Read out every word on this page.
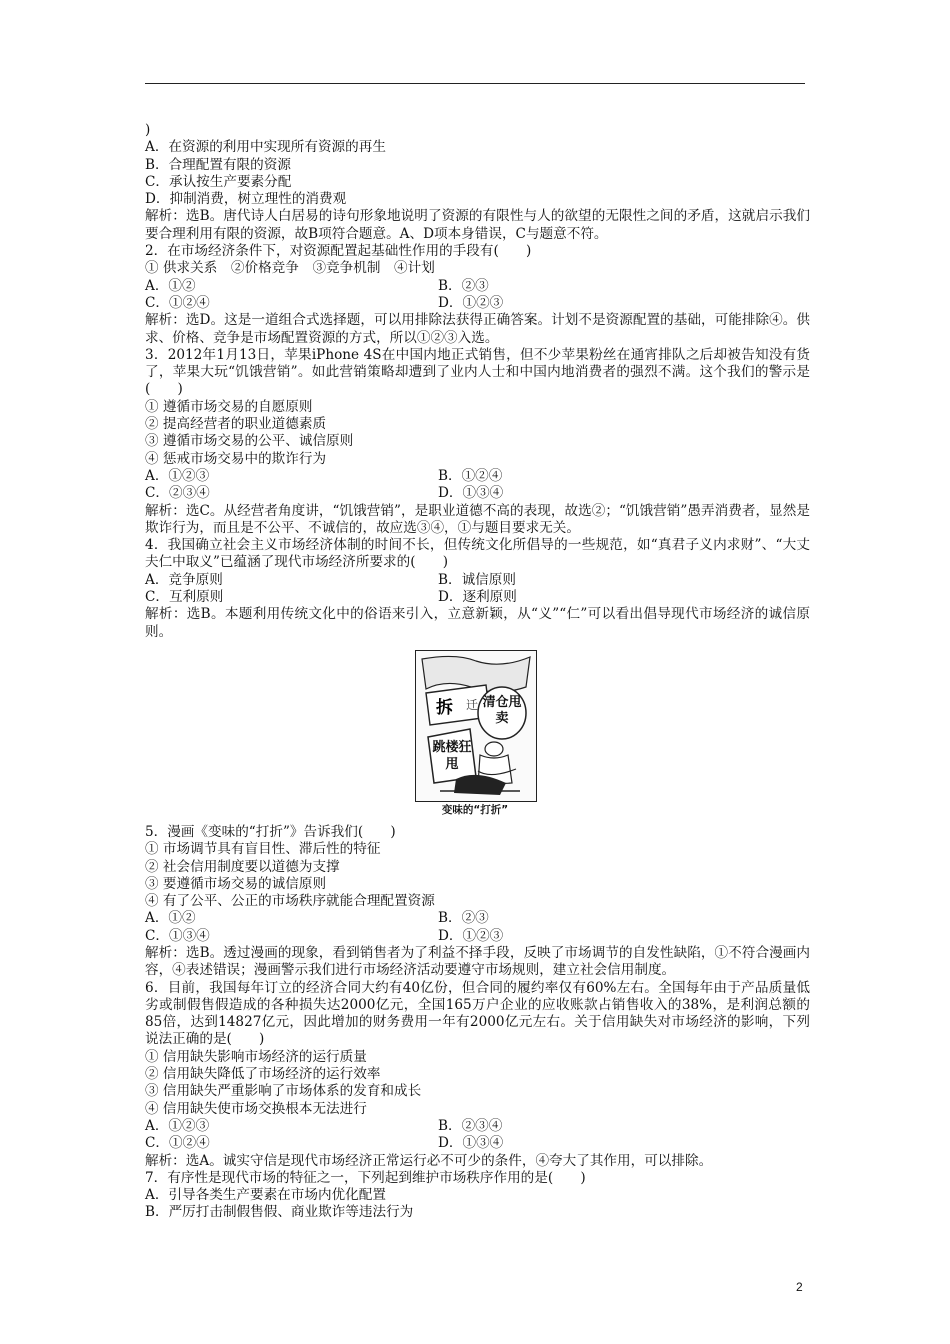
)
A．在资源的利用中实现所有资源的再生
B．合理配置有限的资源
C．承认按生产要素分配
D．抑制消费，树立理性的消费观
解析：选B。唐代诗人白居易的诗句形象地说明了资源的有限性与人的欲望的无限性之间的矛盾，这就启示我们要合理利用有限的资源，故B项符合题意。A、D项本身错误，C与题意不符。
2．在市场经济条件下，对资源配置起基础性作用的手段有(　　)
① 供求关系　②价格竞争　③竞争机制　④计划
A．①②	B．②③
C．①②④	D．①②③
解析：选D。这是一道组合式选择题，可以用排除法获得正确答案。计划不是资源配置的基础，可能排除④。供求、价格、竞争是市场配置资源的方式，所以①②③入选。
3．2012年1月13日，苹果iPhone 4S在中国内地正式销售，但不少苹果粉丝在通宵排队之后却被告知没有货了，苹果大玩“饥饿营销”。如此营销策略却遭到了业内人士和中国内地消费者的强烈不满。这个我们的警示是(　　)
① 遵循市场交易的自愿原则
② 提高经营者的职业道德素质
③ 遵循市场交易的公平、诚信原则
④ 惩戒市场交易中的欺诈行为
A．①②③	B．①②④
C．②③④	D．①③④
解析：选C。从经营者角度讲，“饥饿营销”，是职业道德不高的表现，故选②；“饥饿营销”愚弄消费者，显然是欺诈行为，而且是不公平、不诚信的，故应选③④，①与题目要求无关。
4．我国确立社会主义市场经济体制的时间不长，但传统文化所倡导的一些规范，如“真君子义内求财”、“大丈夫仁中取义”已蕴涵了现代市场经济所要求的(　　)
A．竞争原则	B．诚信原则
C．互利原则	D．逐利原则
解析：选B。本题利用传统文化中的俗语来引入，立意新颖，从“义”“仁”可以看出倡导现代市场经济的诚信原则。
拆 迁 清仓甩卖
跳楼狂甩
变味的“打折”
5．漫画《变味的“打折”》告诉我们(　　)
① 市场调节具有盲目性、滞后性的特征
② 社会信用制度要以道德为支撑
③ 要遵循市场交易的诚信原则
④ 有了公平、公正的市场秩序就能合理配置资源
A．①②	B．②③
C．①③④	D．①②③
解析：选B。透过漫画的现象，看到销售者为了利益不择手段，反映了市场调节的自发性缺陷，①不符合漫画内容，④表述错误；漫画警示我们进行市场经济活动要遵守市场规则，建立社会信用制度。
6．目前，我国每年订立的经济合同大约有40亿份，但合同的履约率仅有60%左右。全国每年由于产品质量低劣或制假售假造成的各种损失达2000亿元，全国165万户企业的应收账款占销售收入的38%，是利润总额的85倍，达到14827亿元，因此增加的财务费用一年有2000亿元左右。关于信用缺失对市场经济的影响，下列说法正确的是(　　)
① 信用缺失影响市场经济的运行质量
② 信用缺失降低了市场经济的运行效率
③ 信用缺失严重影响了市场体系的发育和成长
④ 信用缺失使市场交换根本无法进行
A．①②③	B．②③④
C．①②④	D．①③④
解析：选A。诚实守信是现代市场经济正常运行必不可少的条件，④夸大了其作用，可以排除。
7．有序性是现代市场的特征之一，下列起到维护市场秩序作用的是(　　)
A．引导各类生产要素在市场内优化配置
B．严厉打击制假售假、商业欺诈等违法行为
2
